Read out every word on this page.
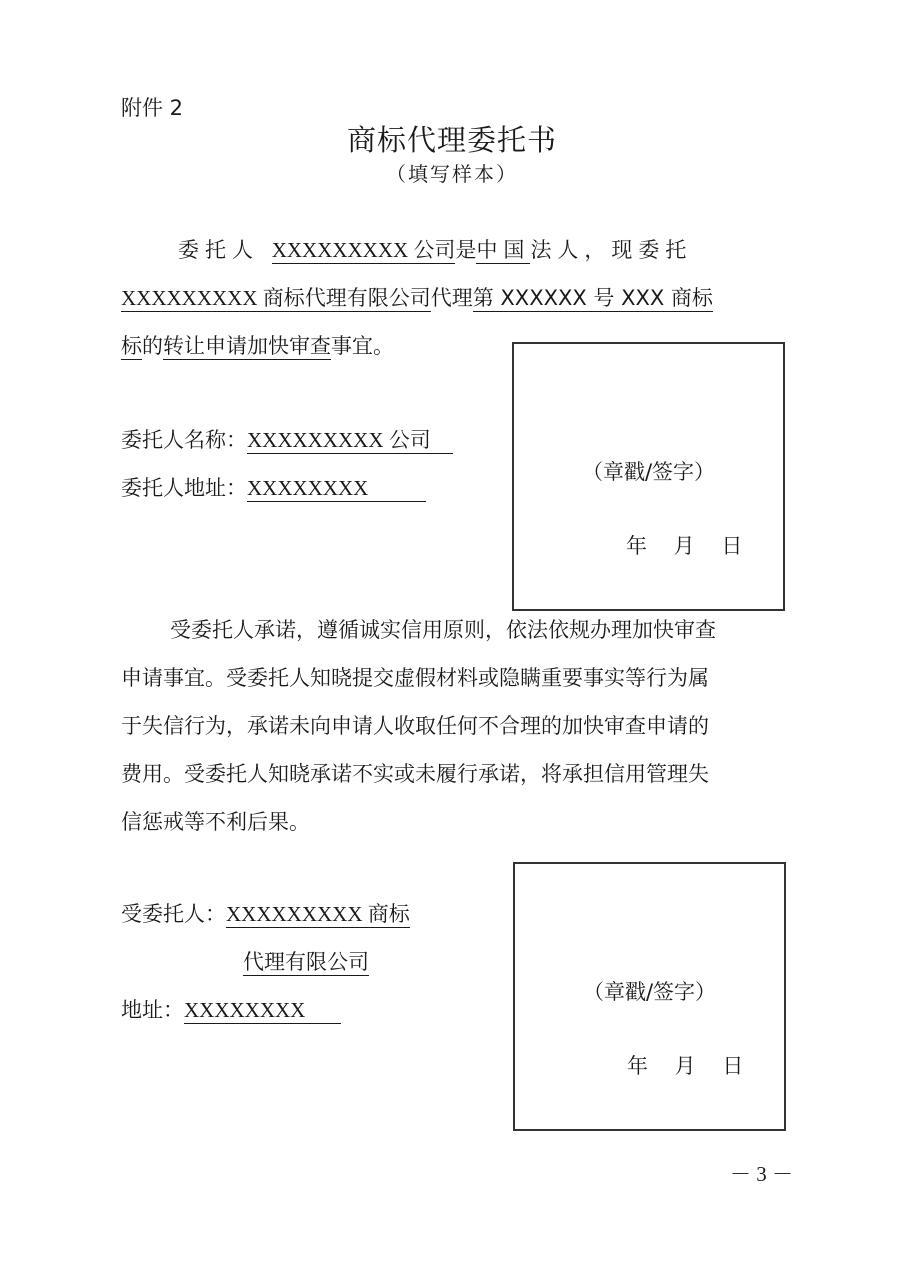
附件 2
商标代理委托书
（填写样本）
委托人 XXXXXXXXX 公司是中国法人，现委托
XXXXXXXXX 商标代理有限公司代理第 XXXXXX 号 XXX 商标
标的转让申请加快审查事宜。
委托人名称：XXXXXXXXX 公司
委托人地址：XXXXXXXX
（章戳/签字）
年 月 日
受委托人承诺，遵循诚实信用原则，依法依规办理加快审查
申请事宜。受委托人知晓提交虚假材料或隐瞒重要事实等行为属
于失信行为，承诺未向申请人收取任何不合理的加快审查申请的
费用。受委托人知晓承诺不实或未履行承诺，将承担信用管理失
信惩戒等不利后果。
受委托人：XXXXXXXXX 商标
代理有限公司
地址：XXXXXXXX
（章戳/签字）
年 月 日
－ 3 －
